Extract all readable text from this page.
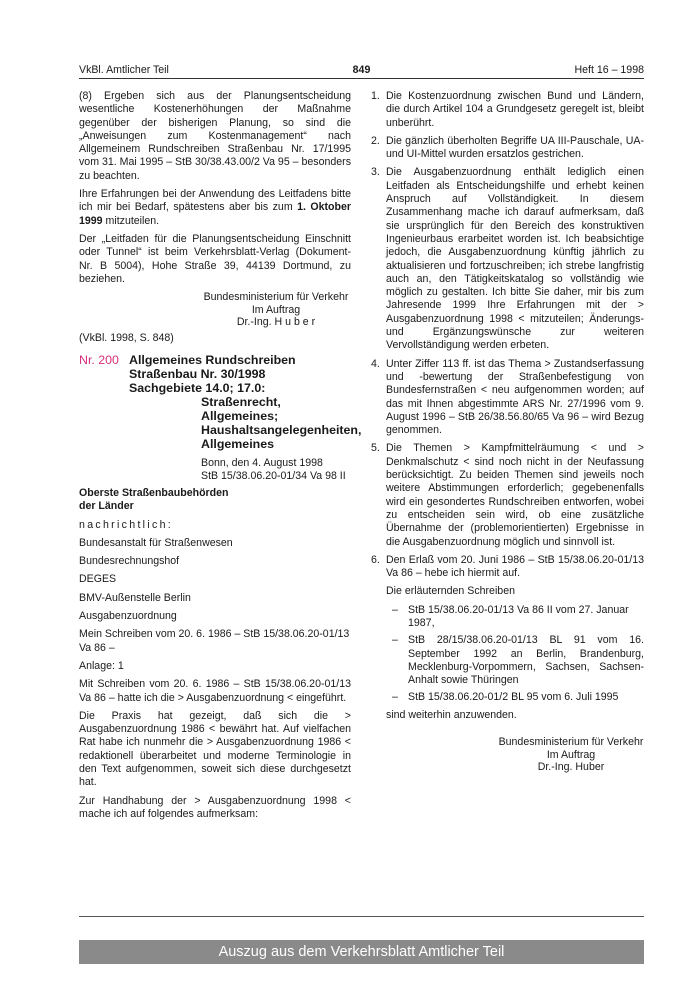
VkBl. Amtlicher Teil	849	Heft 16 – 1998

(8) Ergeben sich aus der Planungsentscheidung wesentliche Kostenerhöhungen der Maßnahme gegenüber der bisherigen Planung, so sind die „Anweisungen zum Kostenmanagement“ nach Allgemeinem Rundschreiben Straßenbau Nr. 17/1995 vom 31. Mai 1995 – StB 30/38.43.00/2 Va 95 – besonders zu beachten.

Ihre Erfahrungen bei der Anwendung des Leitfadens bitte ich mir bei Bedarf, spätestens aber bis zum 1. Oktober 1999 mitzuteilen.

Der „Leitfaden für die Planungsentscheidung Einschnitt oder Tunnel“ ist beim Verkehrsblatt-Verlag (Dokument- Nr. B 5004), Hohe Straße 39, 44139 Dortmund, zu beziehen.

Bundesministerium für Verkehr
Im Auftrag
Dr.-Ing. H u b e r
(VkBl. 1998, S. 848)
Nr. 200 Allgemeines Rundschreiben Straßenbau Nr. 30/1998
Sachgebiete 14.0; 17.0:
Straßenrecht, Allgemeines; Haushaltsangelegenheiten, Allgemeines
Bonn, den 4. August 1998
StB 15/38.06.20-01/34 Va 98 II

Oberste Straßenbaubehörden der Länder

nachrichtlich:

Bundesanstalt für Straßenwesen

Bundesrechnungshof

DEGES

BMV-Außenstelle Berlin

Ausgabenzuordnung

Mein Schreiben vom 20. 6. 1986 – StB 15/38.06.20-01/13 Va 86 –

Anlage: 1

Mit Schreiben vom 20. 6. 1986 – StB 15/38.06.20-01/13 Va 86 – hatte ich die > Ausgabenzuordnung < eingeführt.

Die Praxis hat gezeigt, daß sich die > Ausgabenzuordnung 1986 < bewährt hat. Auf vielfachen Rat habe ich nunmehr die > Ausgabenzuordnung 1986 < redaktionell überarbeitet und moderne Terminologie in den Text aufgenommen, soweit sich diese durchgesetzt hat.

Zur Handhabung der > Ausgabenzuordnung 1998 < mache ich auf folgendes aufmerksam:

1. Die Kostenzuordnung zwischen Bund und Ländern, die durch Artikel 104 a Grundgesetz geregelt ist, bleibt unberührt.
2. Die gänzlich überholten Begriffe UA III-Pauschale, UA- und UI-Mittel wurden ersatzlos gestrichen.
3. Die Ausgabenzuordnung enthält lediglich einen Leitfaden als Entscheidungshilfe und erhebt keinen Anspruch auf Vollständigkeit. In diesem Zusammenhang mache ich darauf aufmerksam, daß sie ursprünglich für den Bereich des konstruktiven Ingenieurbaus erarbeitet worden ist. Ich beabsichtige jedoch, die Ausgabenzuordnung künftig jährlich zu aktualisieren und fortzuschreiben; ich strebe langfristig auch an, den Tätigkeitskatalog so vollständig wie möglich zu gestalten. Ich bitte Sie daher, mir bis zum Jahresende 1999 Ihre Erfahrungen mit der > Ausgabenzuordnung 1998 < mitzuteilen; Änderungs- und Ergänzungswünsche zur weiteren Vervollständigung werden erbeten.
4. Unter Ziffer 113 ff. ist das Thema > Zustandserfassung und -bewertung der Straßenbefestigung von Bundesfernstraßen < neu aufgenommen worden; auf das mit Ihnen abgestimmte ARS Nr. 27/1996 vom 9. August 1996 – StB 26/38.56.80/65 Va 96 – wird Bezug genommen.
5. Die Themen > Kampfmittelräumung < und > Denkmalschutz < sind noch nicht in der Neufassung berücksichtigt. Zu beiden Themen sind jeweils noch weitere Abstimmungen erforderlich; gegebenenfalls wird ein gesondertes Rundschreiben entworfen, wobei zu entscheiden sein wird, ob eine zusätzliche Übernahme der (problemorientierten) Ergebnisse in die Ausgabenzuordnung möglich und sinnvoll ist.
6. Den Erlaß vom 20. Juni 1986 – StB 15/38.06.20-01/13 Va 86 – hebe ich hiermit auf.

Die erläuternden Schreiben

– StB 15/38.06.20-01/13 Va 86 II vom 27. Januar 1987,
– StB 28/15/38.06.20-01/13 BL 91 vom 16. September 1992 an Berlin, Brandenburg, Mecklenburg-Vorpommern, Sachsen, Sachsen-Anhalt sowie Thüringen
– StB 15/38.06.20-01/2 BL 95 vom 6. Juli 1995

sind weiterhin anzuwenden.

Bundesministerium für Verkehr
Im Auftrag
Dr.-Ing. Huber
Auszug aus dem Verkehrsblatt Amtlicher Teil
